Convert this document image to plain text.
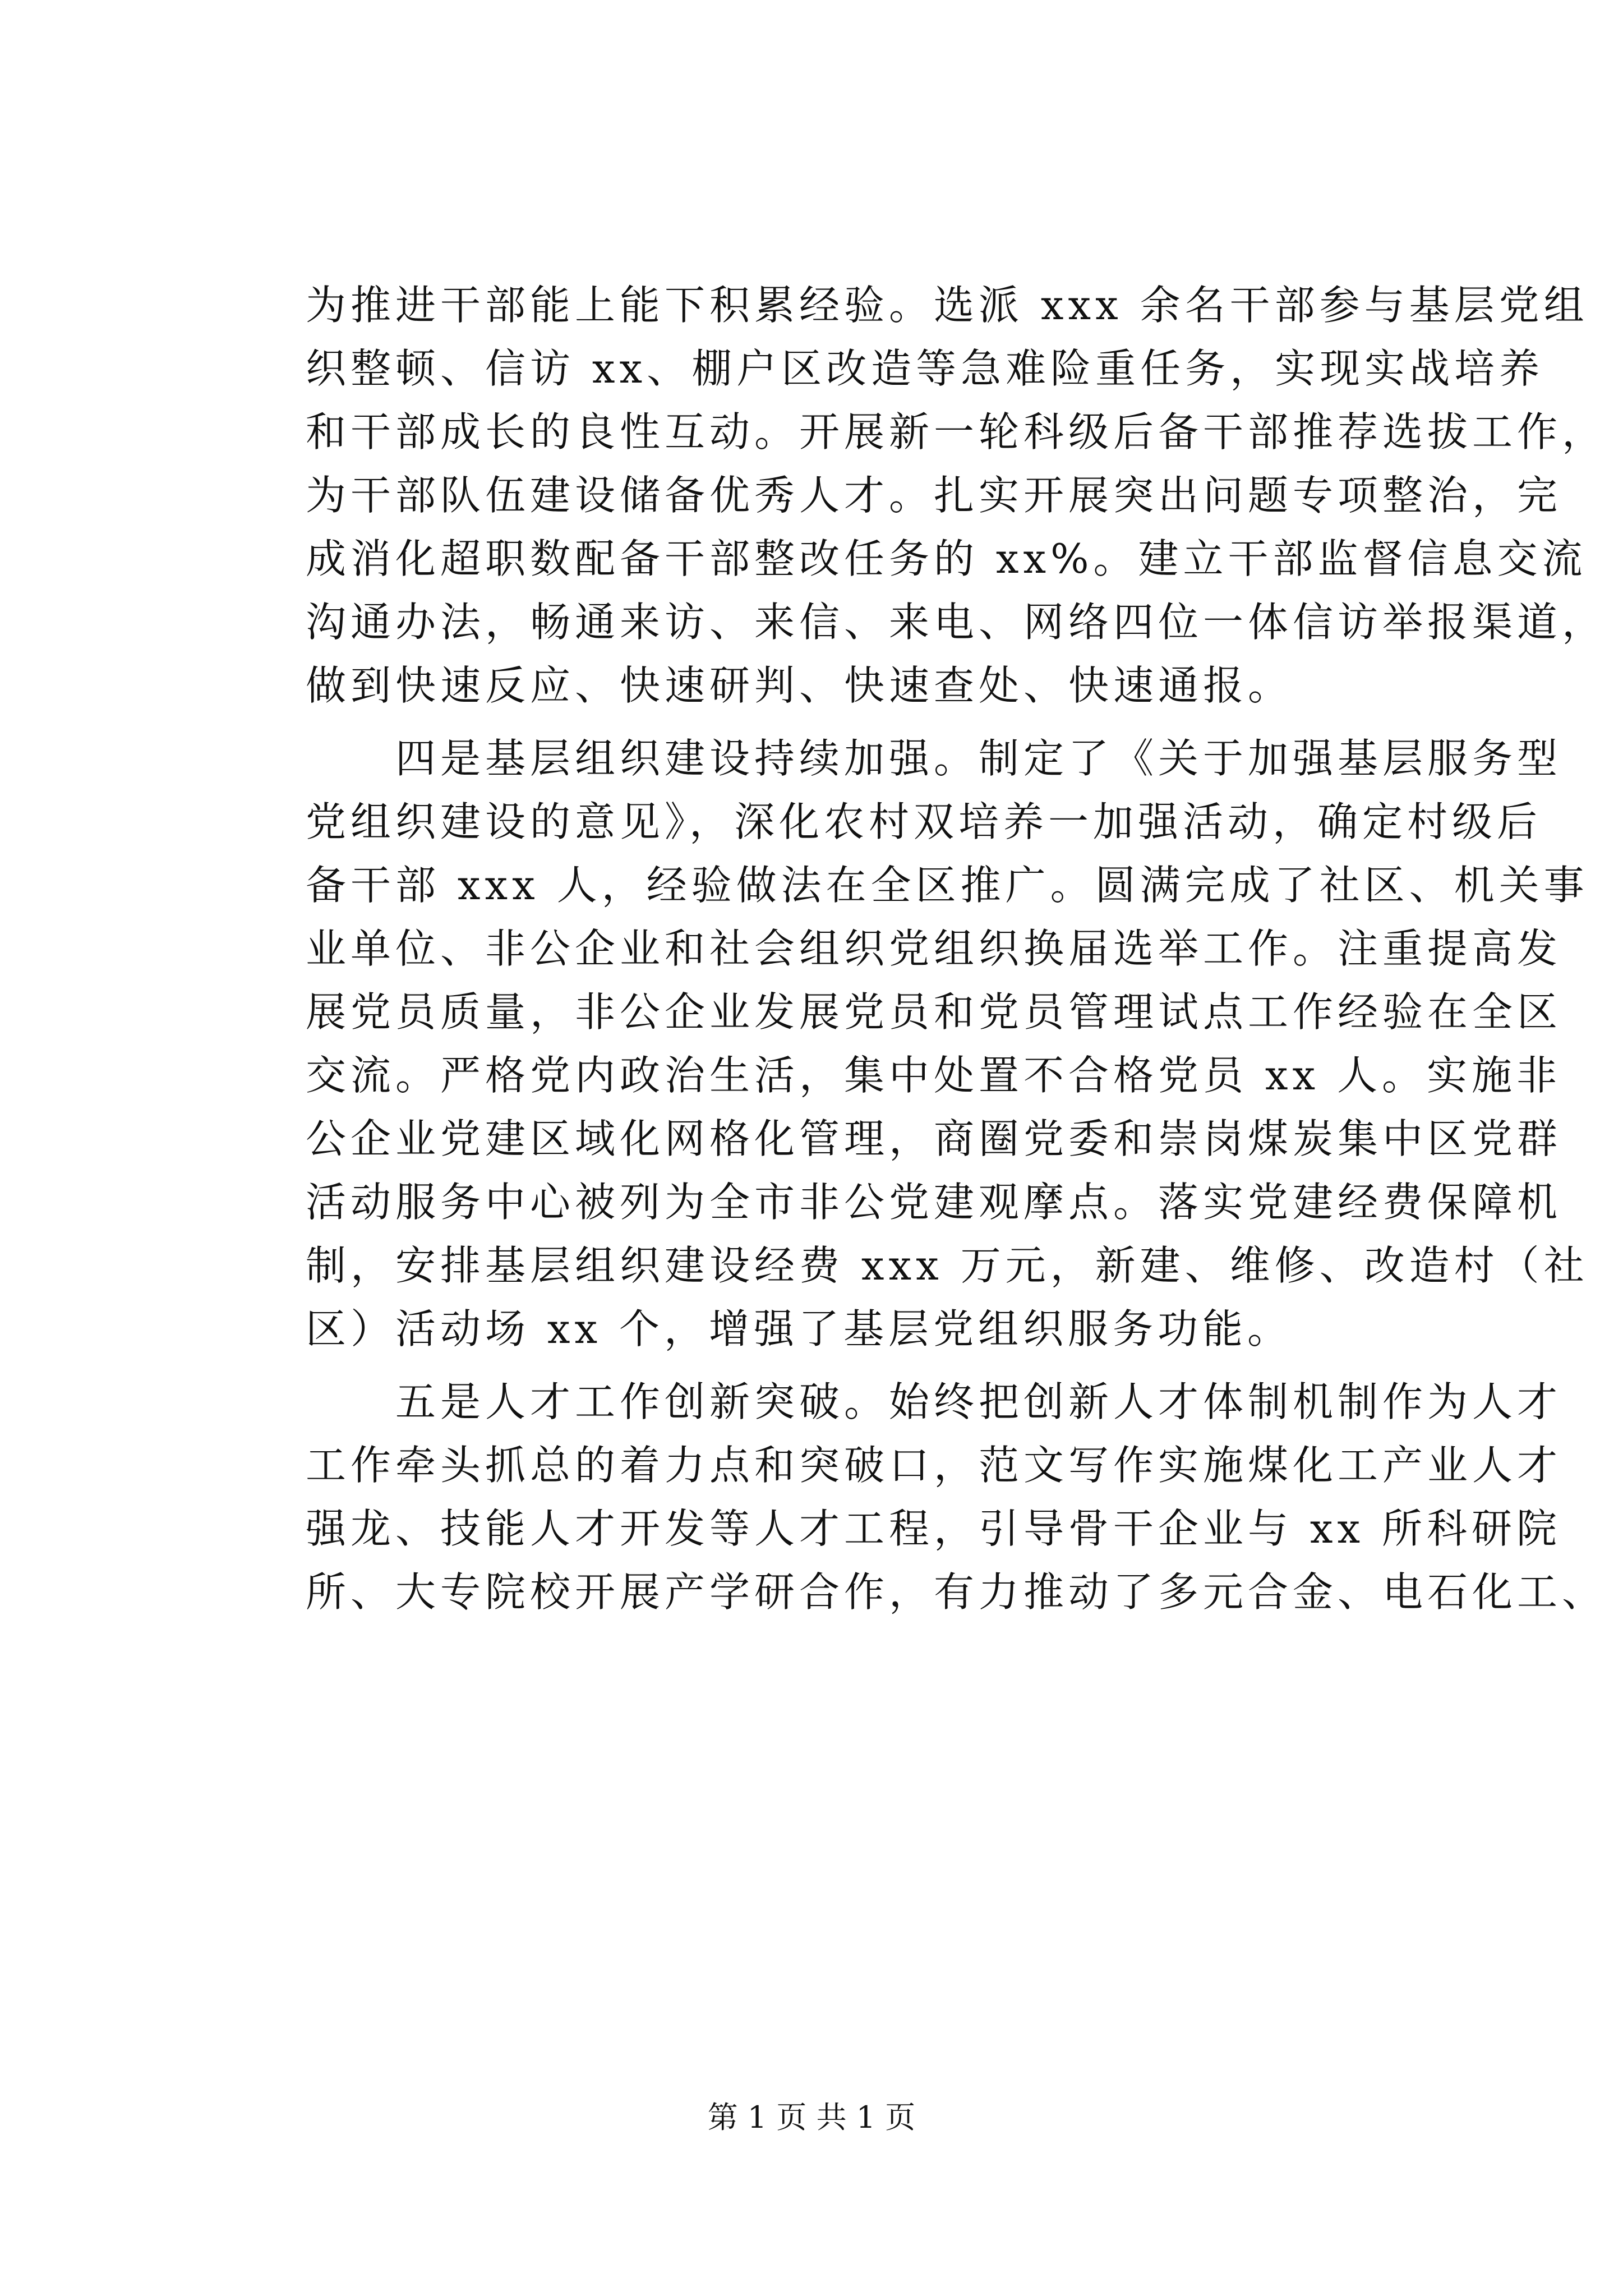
为推进干部能上能下积累经验。选派 xxx 余名干部参与基层党组
织整顿、信访 xx、棚户区改造等急难险重任务，实现实战培养
和干部成长的良性互动。开展新一轮科级后备干部推荐选拔工作，
为干部队伍建设储备优秀人才。扎实开展突出问题专项整治，完
成消化超职数配备干部整改任务的 xx%。建立干部监督信息交流
沟通办法，畅通来访、来信、来电、网络四位一体信访举报渠道，
做到快速反应、快速研判、快速查处、快速通报。
　　四是基层组织建设持续加强。制定了《关于加强基层服务型
党组织建设的意见》，深化农村双培养一加强活动，确定村级后
备干部 xxx 人，经验做法在全区推广。圆满完成了社区、机关事
业单位、非公企业和社会组织党组织换届选举工作。注重提高发
展党员质量，非公企业发展党员和党员管理试点工作经验在全区
交流。严格党内政治生活，集中处置不合格党员 xx 人。实施非
公企业党建区域化网格化管理，商圈党委和崇岗煤炭集中区党群
活动服务中心被列为全市非公党建观摩点。落实党建经费保障机
制，安排基层组织建设经费 xxx 万元，新建、维修、改造村（社
区）活动场 xx 个，增强了基层党组织服务功能。
　　五是人才工作创新突破。始终把创新人才体制机制作为人才
工作牵头抓总的着力点和突破口，范文写作实施煤化工产业人才
强龙、技能人才开发等人才工程，引导骨干企业与 xx 所科研院
所、大专院校开展产学研合作，有力推动了多元合金、电石化工、
第 1 页 共 1 页
